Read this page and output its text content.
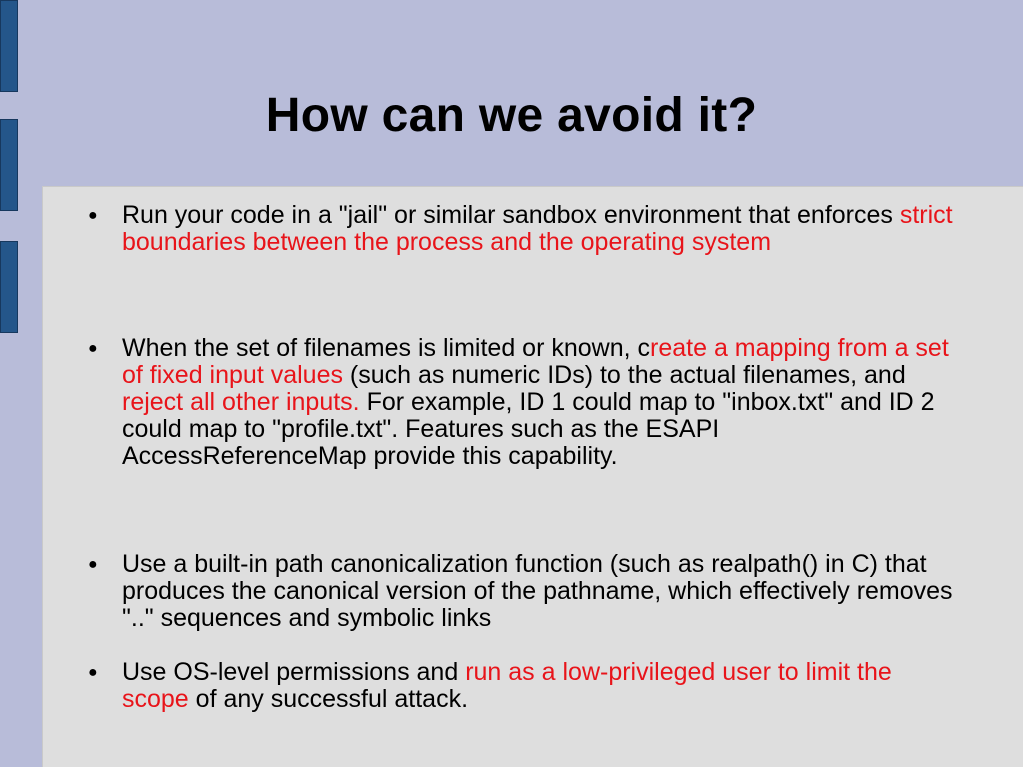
How can we avoid it?
● Run your code in a "jail" or similar sandbox environment that enforces strict boundaries between the process and the operating system
● When the set of filenames is limited or known, create a mapping from a set of fixed input values (such as numeric IDs) to the actual filenames, and reject all other inputs. For example, ID 1 could map to "inbox.txt" and ID 2 could map to "profile.txt". Features such as the ESAPI AccessReferenceMap provide this capability.
● Use a built-in path canonicalization function (such as realpath() in C) that produces the canonical version of the pathname, which effectively removes ".." sequences and symbolic links
● Use OS-level permissions and run as a low-privileged user to limit the scope of any successful attack.
